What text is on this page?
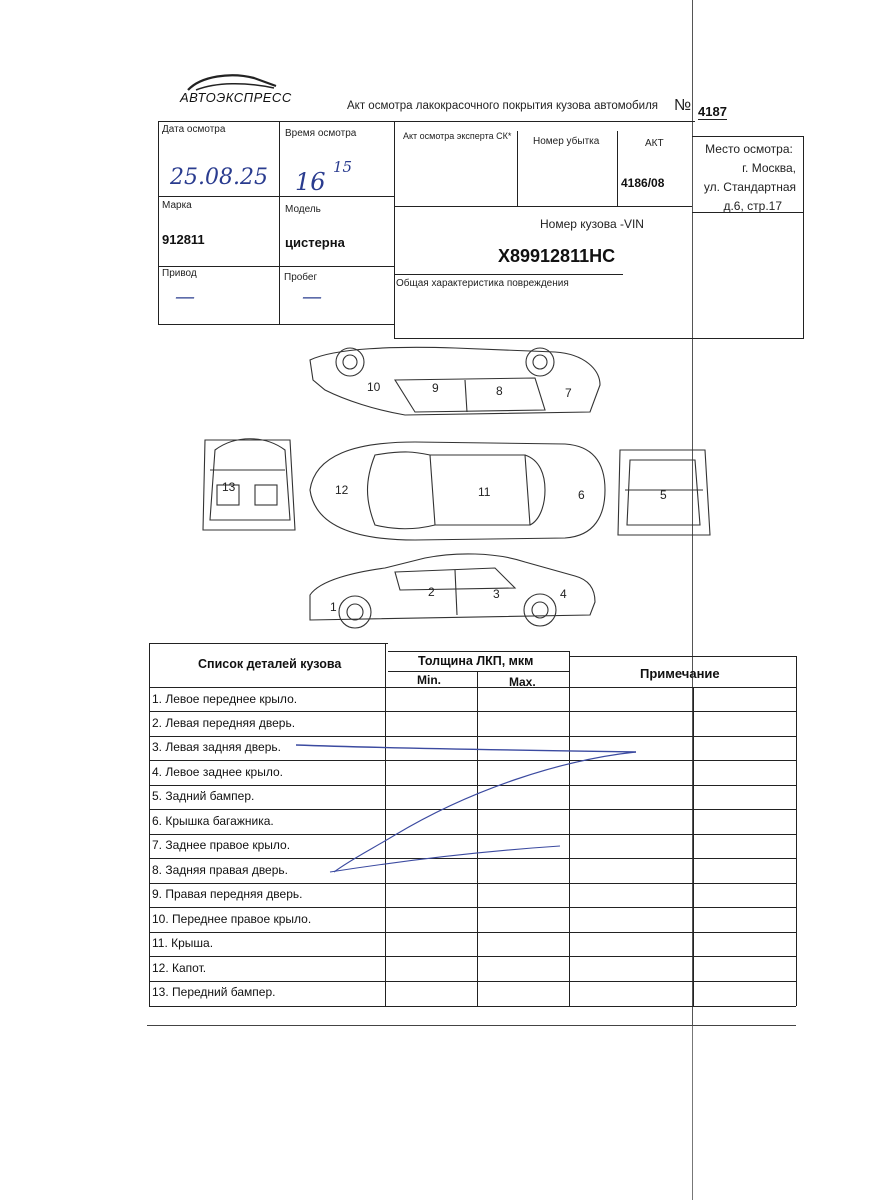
АВТОЭКСПРЕСС
Акт осмотра лакокрасочного покрытия кузова автомобиля № 4187
Дата осмотра
25.08.25
Время осмотра
16
15
Акт осмотра эксперта СК* Номер убытка	АКТ
4186/08
Место осмотра:
г. Москва,
ул. Стандартная
д.6, стр.17
Марка
912811
Модель
цистерна
Номер кузова -VIN
X89912811HC
Привод
—
Пробег
—
Общая характеристика повреждения
10	9	8	7
13	12	11	6	5
1
2	3	4
Список деталей кузова	Толщина ЛКП, мкм
Min.	Max.
Примечание
1. Левое переднее крыло.
2. Левая передняя дверь.
3. Левая задняя дверь.
4. Левое заднее крыло.
5. Задний бампер.
6. Крышка багажника.
7. Заднее правое крыло.
8. Задняя правая дверь.
9. Правая передняя дверь.
10. Переднее правое крыло.
11. Крыша.
12. Капот.
13. Передний бампер.
